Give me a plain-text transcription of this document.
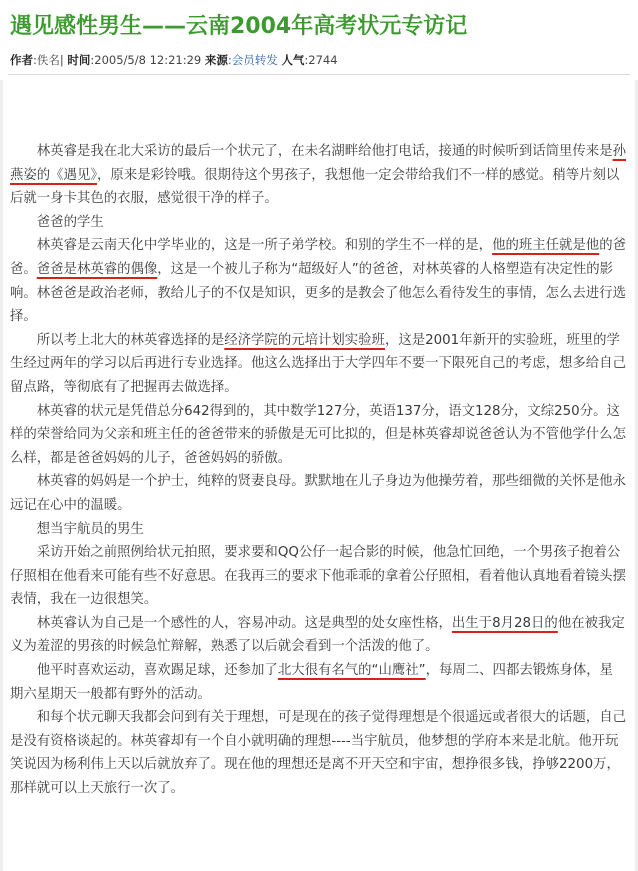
遇见感性男生——云南2004年高考状元专访记
作者:佚名| 时间:2005/5/8 12:21:29 来源:会员转发 人气:2744

林英睿是我在北大采访的最后一个状元了，在未名湖畔给他打电话，接通的时候听到话筒里传来是孙燕姿的《遇见》，原来是彩铃哦。很期待这个男孩子，我想他一定会带给我们不一样的感觉。稍等片刻以后就一身卡其色的衣服，感觉很干净的样子。

爸爸的学生

林英睿是云南天化中学毕业的，这是一所子弟学校。和别的学生不一样的是，他的班主任就是他的爸爸。爸爸是林英睿的偶像，这是一个被儿子称为“超级好人”的爸爸，对林英睿的人格塑造有决定性的影响。林爸爸是政治老师，教给儿子的不仅是知识，更多的是教会了他怎么看待发生的事情，怎么去进行选择。

所以考上北大的林英睿选择的是经济学院的元培计划实验班，这是2001年新开的实验班，班里的学生经过两年的学习以后再进行专业选择。他这么选择出于大学四年不要一下限死自己的考虑，想多给自己留点路，等彻底有了把握再去做选择。

林英睿的状元是凭借总分642得到的，其中数学127分，英语137分，语文128分，文综250分。这样的荣誉给同为父亲和班主任的爸爸带来的骄傲是无可比拟的，但是林英睿却说爸爸认为不管他学什么怎么样，都是爸爸妈妈的儿子，爸爸妈妈的骄傲。

林英睿的妈妈是一个护士，纯粹的贤妻良母。默默地在儿子身边为他操劳着，那些细微的关怀是他永远记在心中的温暖。

想当宇航员的男生

采访开始之前照例给状元拍照，要求要和QQ公仔一起合影的时候，他急忙回绝，一个男孩子抱着公仔照相在他看来可能有些不好意思。在我再三的要求下他乖乖的拿着公仔照相，看着他认真地看着镜头摆表情，我在一边很想笑。

林英睿认为自己是一个感性的人，容易冲动。这是典型的处女座性格，出生于8月28日的他在被我定义为羞涩的男孩的时候急忙辩解，熟悉了以后就会看到一个活泼的他了。

他平时喜欢运动，喜欢踢足球，还参加了北大很有名气的“山鹰社”，每周二、四都去锻炼身体，星期六星期天一般都有野外的活动。

和每个状元聊天我都会问到有关于理想，可是现在的孩子觉得理想是个很遥远或者很大的话题，自己是没有资格谈起的。林英睿却有一个自小就明确的理想----当宇航员，他梦想的学府本来是北航。他开玩笑说因为杨利伟上天以后就放弃了。现在他的理想还是离不开天空和宇宙，想挣很多钱，挣够2200万，那样就可以上天旅行一次了。
